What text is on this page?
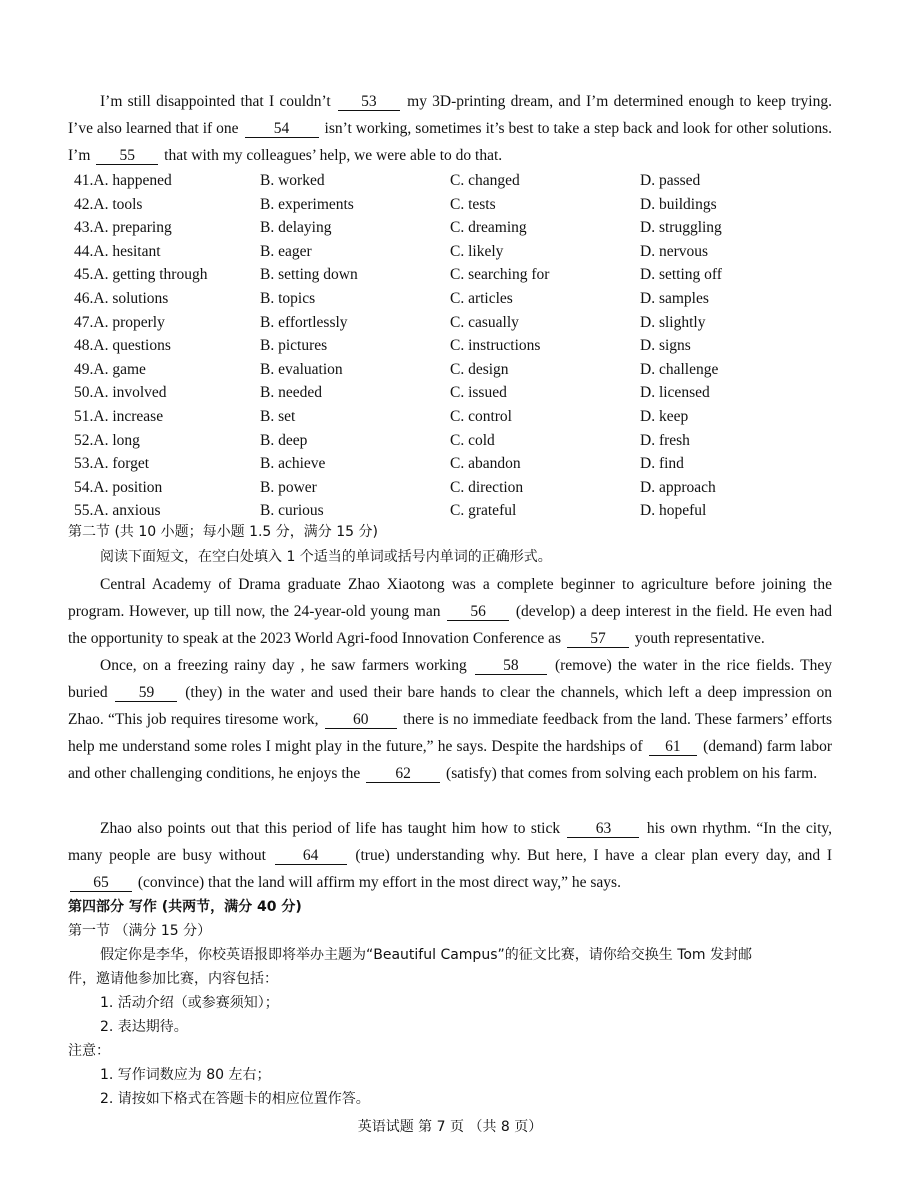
I’m still disappointed that I couldn’t 53 my 3D-printing dream, and I’m determined enough to keep trying. I’ve also learned that if one 54 isn’t working, sometimes it’s best to take a step back and look for other solutions. I’m 55 that with my colleagues’ help, we were able to do that.
41.A. happened	B. worked	C. changed	D. passed
42.A. tools	B. experiments	C. tests	D. buildings
43.A. preparing	B. delaying	C. dreaming	D. struggling
44.A. hesitant	B. eager	C. likely	D. nervous
45.A. getting through	B. setting down	C. searching for	D. setting off
46.A. solutions	B. topics	C. articles	D. samples
47.A. properly	B. effortlessly	C. casually	D. slightly
48.A. questions	B. pictures	C. instructions	D. signs
49.A. game	B. evaluation	C. design	D. challenge
50.A. involved	B. needed	C. issued	D. licensed
51.A. increase	B. set	C. control	D. keep
52.A. long	B. deep	C. cold	D. fresh
53.A. forget	B. achieve	C. abandon	D. find
54.A. position	B. power	C. direction	D. approach
55.A. anxious	B. curious	C. grateful	D. hopeful
第二节 (共 10 小题；每小题 1.5 分，满分 15 分)
阅读下面短文，在空白处填入 1 个适当的单词或括号内单词的正确形式。
Central Academy of Drama graduate Zhao Xiaotong was a complete beginner to agriculture before joining the program. However, up till now, the 24-year-old young man 56 (develop) a deep interest in the field. He even had the opportunity to speak at the 2023 World Agri-food Innovation Conference as 57 youth representative.
Once, on a freezing rainy day , he saw farmers working 58 (remove) the water in the rice fields. They buried 59 (they) in the water and used their bare hands to clear the channels, which left a deep impression on Zhao. “This job requires tiresome work, 60 there is no immediate feedback from the land. These farmers’ efforts help me understand some roles I might play in the future,” he says. Despite the hardships of 61 (demand) farm labor and other challenging conditions, he enjoys the 62 (satisfy) that comes from solving each problem on his farm.
Zhao also points out that this period of life has taught him how to stick 63 his own rhythm. “In the city, many people are busy without 64 (true) understanding why. But here, I have a clear plan every day, and I 65 (convince) that the land will affirm my effort in the most direct way,” he says.
第四部分 写作 (共两节，满分 40 分)
第一节 （满分 15 分）
假定你是李华，你校英语报即将举办主题为“Beautiful Campus”的征文比赛，请你给交换生 Tom 发封邮
件，邀请他参加比赛，内容包括：
1. 活动介绍（或参赛须知）；
2. 表达期待。
注意：
1. 写作词数应为 80 左右；
2. 请按如下格式在答题卡的相应位置作答。
英语试题 第 7 页 （共 8 页）
